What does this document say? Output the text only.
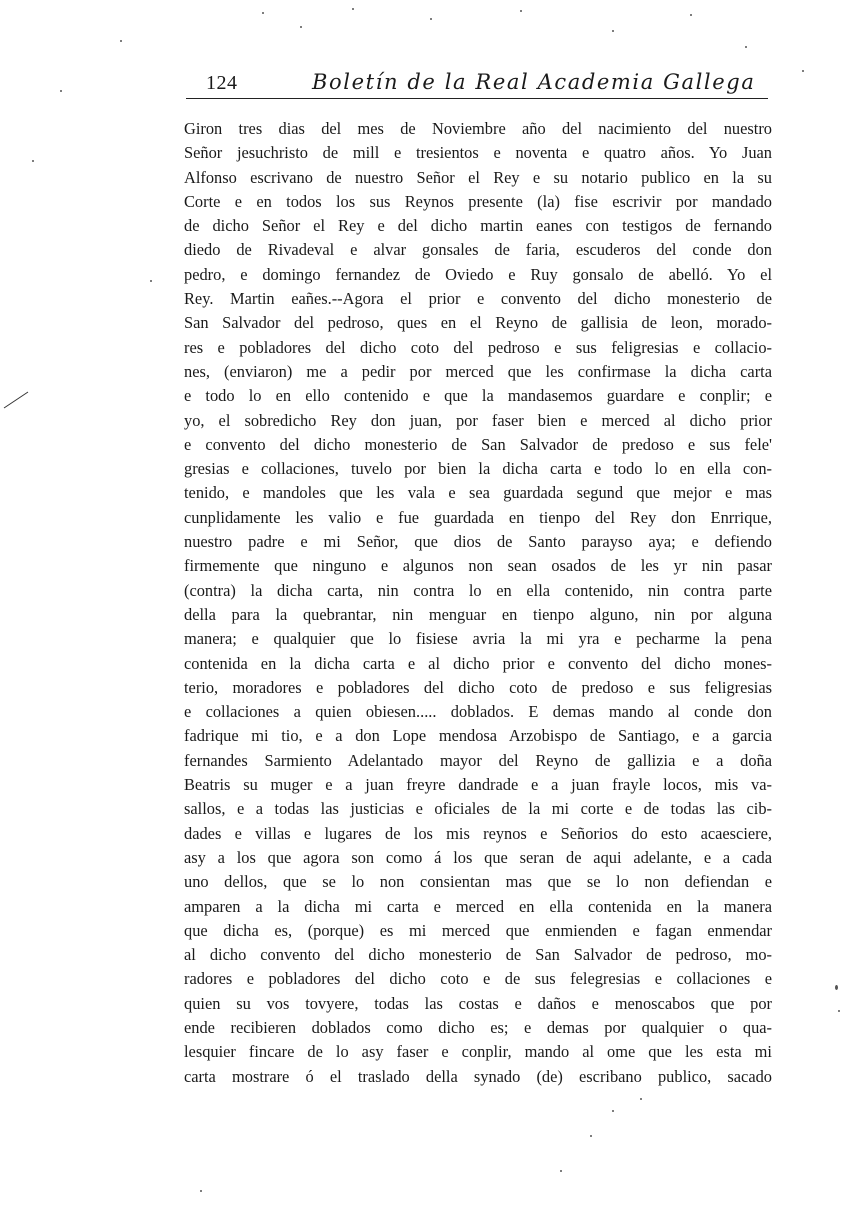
124	Boletín de la Real Academia Gallega
Giron tres dias del mes de Noviembre año del nacimiento del nuestro
Señor jesuchristo de mill e tresientos e noventa e quatro años. Yo Juan
Alfonso escrivano de nuestro Señor el Rey e su notario publico en la su
Corte e en todos los sus Reynos presente (la) fise escrivir por mandado
de dicho Señor el Rey e del dicho martin eanes con testigos de fernando
diedo de Rivadeval e alvar gonsales de faria, escuderos del conde don
pedro, e domingo fernandez de Oviedo e Ruy gonsalo de abelló. Yo el
Rey. Martin eañes.--Agora el prior e convento del dicho monesterio de
San Salvador del pedroso, ques en el Reyno de gallisia de leon, morado-
res e pobladores del dicho coto del pedroso e sus feligresias e collacio-
nes, (enviaron) me a pedir por merced que les confirmase la dicha carta
e todo lo en ello contenido e que la mandasemos guardare e conplir; e
yo, el sobredicho Rey don juan, por faser bien e merced al dicho prior
e convento del dicho monesterio de San Salvador de predoso e sus fele'
gresias e collaciones, tuvelo por bien la dicha carta e todo lo en ella con-
tenido, e mandoles que les vala e sea guardada segund que mejor e mas
cunplidamente les valio e fue guardada en tienpo del Rey don Enrrique,
nuestro padre e mi Señor, que dios de Santo parayso aya; e defiendo
firmemente que ninguno e algunos non sean osados de les yr nin pasar
(contra) la dicha carta, nin contra lo en ella contenido, nin contra parte
della para la quebrantar, nin menguar en tienpo alguno, nin por alguna
manera; e qualquier que lo fisiese avria la mi yra e pecharme la pena
contenida en la dicha carta e al dicho prior e convento del dicho mones-
terio, moradores e pobladores del dicho coto de predoso e sus feligresias
e collaciones a quien obiesen..... doblados. E demas mando al conde don
fadrique mi tio, e a don Lope mendosa Arzobispo de Santiago, e a garcia
fernandes Sarmiento Adelantado mayor del Reyno de gallizia e a doña
Beatris su muger e a juan freyre dandrade e a juan frayle locos, mis va-
sallos, e a todas las justicias e oficiales de la mi corte e de todas las cib-
dades e villas e lugares de los mis reynos e Señorios do esto acaesciere,
asy a los que agora son como á los que seran de aqui adelante, e a cada
uno dellos, que se lo non consientan mas que se lo non defiendan e
amparen a la dicha mi carta e merced en ella contenida en la manera
que dicha es, (porque) es mi merced que enmienden e fagan enmendar
al dicho convento del dicho monesterio de San Salvador de pedroso, mo-
radores e pobladores del dicho coto e de sus felegresias e collaciones e
quien su vos tovyere, todas las costas e daños e menoscabos que por
ende recibieren doblados como dicho es; e demas por qualquier o qua-
lesquier fincare de lo asy faser e conplir, mando al ome que les esta mi
carta mostrare ó el traslado della synado (de) escribano publico, sacado
